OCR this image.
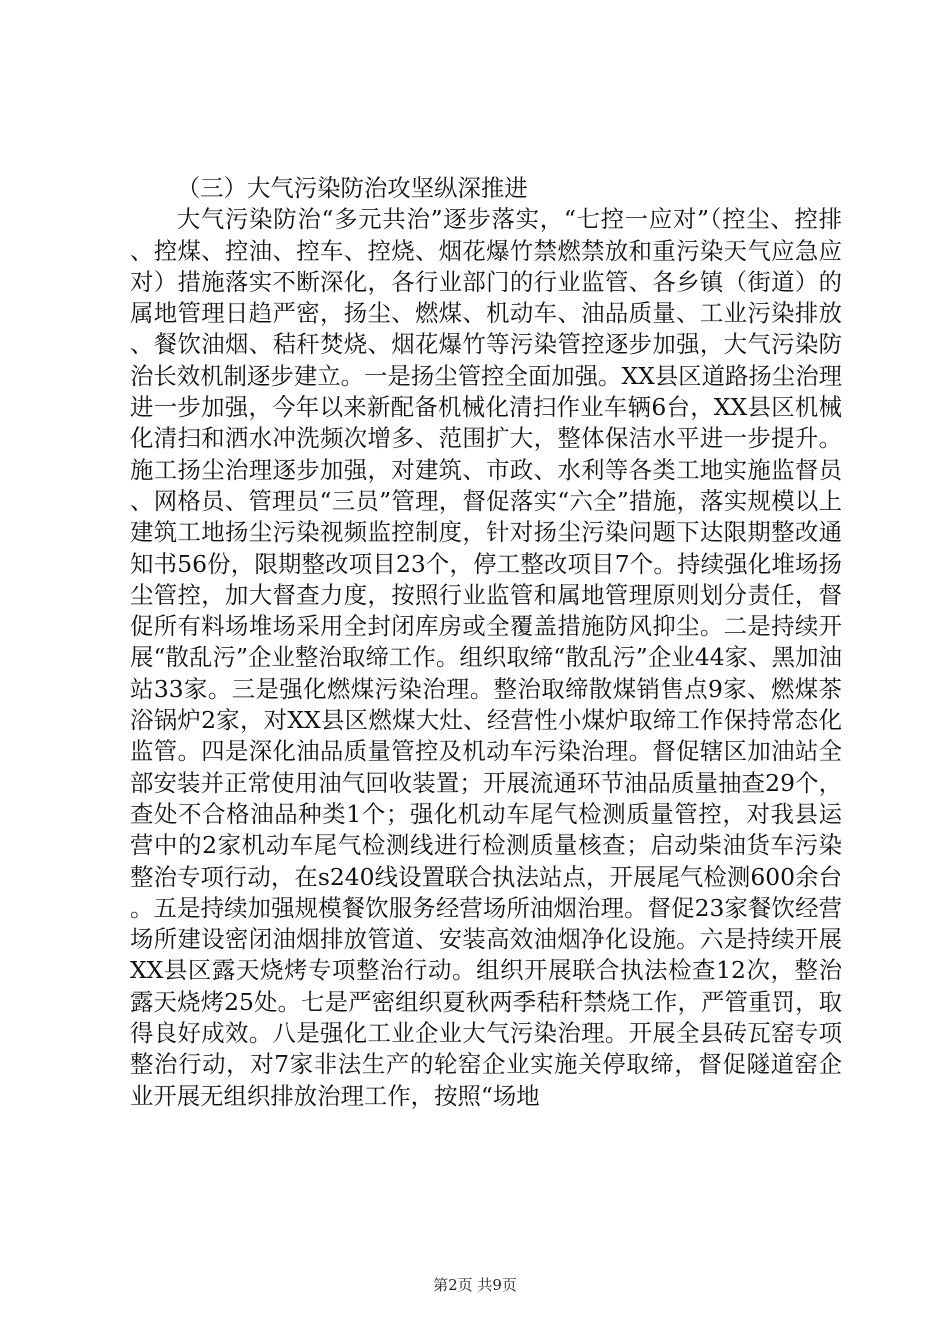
（三）大气污染防治攻坚纵深推进

大气污染防治“多元共治”逐步落实，“七控一应对”（控尘、控排、控煤、控油、控车、控烧、烟花爆竹禁燃禁放和重污染天气应急应对）措施落实不断深化，各行业部门的行业监管、各乡镇（街道）的属地管理日趋严密，扬尘、燃煤、机动车、油品质量、工业污染排放、餐饮油烟、秸秆焚烧、烟花爆竹等污染管控逐步加强，大气污染防治长效机制逐步建立。一是扬尘管控全面加强。XX县区道路扬尘治理进一步加强，今年以来新配备机械化清扫作业车辆6台，XX县区机械化清扫和洒水冲洗频次增多、范围扩大，整体保洁水平进一步提升。施工扬尘治理逐步加强，对建筑、市政、水利等各类工地实施监督员、网格员、管理员“三员”管理，督促落实“六全”措施，落实规模以上建筑工地扬尘污染视频监控制度，针对扬尘污染问题下达限期整改通知书56份，限期整改项目23个，停工整改项目7个。持续强化堆场扬尘管控，加大督查力度，按照行业监管和属地管理原则划分责任，督促所有料场堆场采用全封闭库房或全覆盖措施防风抑尘。二是持续开展“散乱污”企业整治取缔工作。组织取缔“散乱污”企业44家、黑加油站33家。三是强化燃煤污染治理。整治取缔散煤销售点9家、燃煤茶浴锅炉2家，对XX县区燃煤大灶、经营性小煤炉取缔工作保持常态化监管。四是深化油品质量管控及机动车污染治理。督促辖区加油站全部安装并正常使用油气回收装置；开展流通环节油品质量抽查29个，查处不合格油品种类1个；强化机动车尾气检测质量管控，对我县运营中的2家机动车尾气检测线进行检测质量核查；启动柴油货车污染整治专项行动，在s240线设置联合执法站点，开展尾气检测600余台。五是持续加强规模餐饮服务经营场所油烟治理。督促23家餐饮经营场所建设密闭油烟排放管道、安装高效油烟净化设施。六是持续开展XX县区露天烧烤专项整治行动。组织开展联合执法检查12次，整治露天烧烤25处。七是严密组织夏秋两季秸秆禁烧工作，严管重罚，取得良好成效。八是强化工业企业大气污染治理。开展全县砖瓦窑专项整治行动，对7家非法生产的轮窑企业实施关停取缔，督促隧道窑企业开展无组织排放治理工作，按照“场地

第2页 共9页
